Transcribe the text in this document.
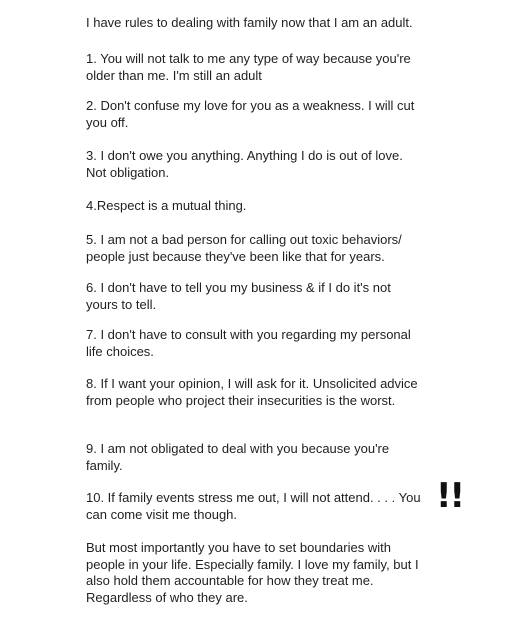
I have rules to dealing with family now that I am an adult.

1. You will not talk to me any type of way because you're older than me. I'm still an adult

2. Don't confuse my love for you as a weakness. I will cut you off.

3. I don't owe you anything. Anything I do is out of love. Not obligation.

4.Respect is a mutual thing.

5. I am not a bad person for calling out toxic behaviors/ people just because they've been like that for years.

6. I don't have to tell you my business & if I do it's not yours to tell.

7. I don't have to consult with you regarding my personal life choices.

8. If I want your opinion, I will ask for it. Unsolicited advice from people who project their insecurities is the worst.

9. I am not obligated to deal with you because you're family.

10. If family events stress me out, I will not attend. . . . You can come visit me though.

But most importantly you have to set boundaries with people in your life. Especially family. I love my family, but I also hold them accountable for how they treat me. Regardless of who they are.

!!
